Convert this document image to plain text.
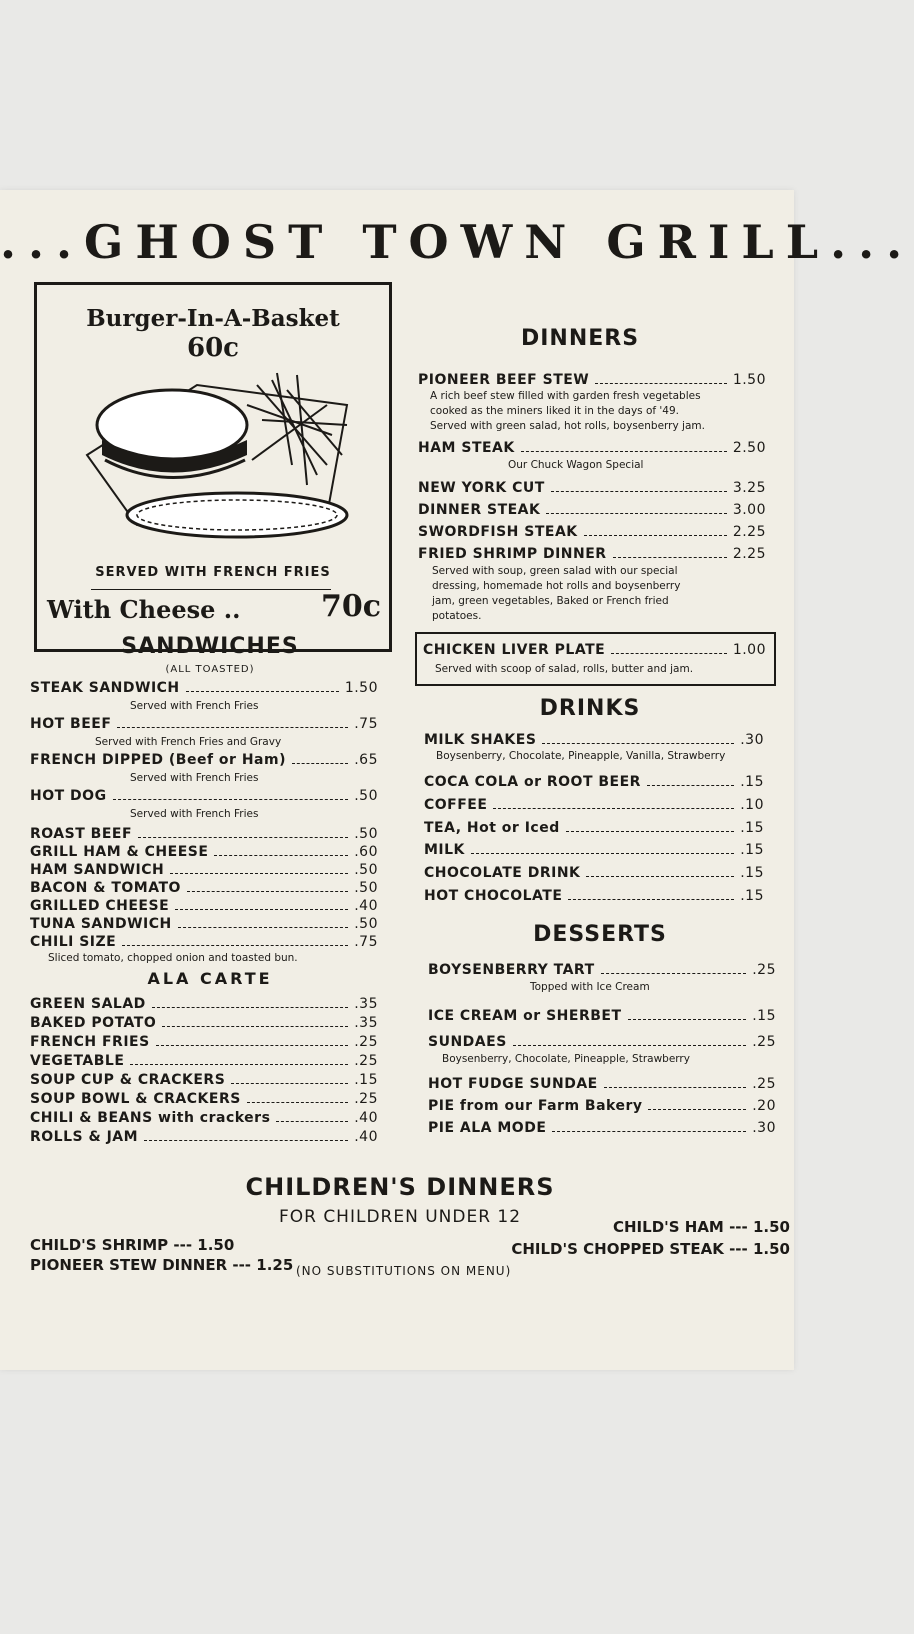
...GHOST TOWN GRILL...
Burger-In-A-Basket
60c
SERVED WITH FRENCH FRIES
With Cheese ..	70c
SANDWICHES
(ALL TOASTED)
STEAK SANDWICH	1.50
Served with French Fries
HOT BEEF	.75
Served with French Fries and Gravy
FRENCH DIPPED (Beef or Ham)	.65
Served with French Fries
HOT DOG	.50
Served with French Fries
ROAST BEEF	.50
GRILL HAM & CHEESE	.60
HAM SANDWICH	.50
BACON & TOMATO	.50
GRILLED CHEESE	.40
TUNA SANDWICH	.50
CHILI SIZE	.75
Sliced tomato, chopped onion and toasted bun.
ALA CARTE
GREEN SALAD	.35
BAKED POTATO	.35
FRENCH FRIES	.25
VEGETABLE	.25
SOUP CUP & CRACKERS	.15
SOUP BOWL & CRACKERS	.25
CHILI & BEANS with crackers	.40
ROLLS & JAM	.40
DINNERS
PIONEER BEEF STEW	1.50
A rich beef stew filled with garden fresh vegetables
cooked as the miners liked it in the days of '49.
Served with green salad, hot rolls, boysenberry jam.
HAM STEAK	2.50
Our Chuck Wagon Special
NEW YORK CUT	3.25
DINNER STEAK	3.00
SWORDFISH STEAK	2.25
FRIED SHRIMP DINNER	2.25
Served with soup, green salad with our special
dressing, homemade hot rolls and boysenberry
jam, green vegetables, Baked or French fried
potatoes.
CHICKEN LIVER PLATE	1.00
Served with scoop of salad, rolls, butter and jam.
DRINKS
MILK SHAKES	.30
Boysenberry, Chocolate, Pineapple, Vanilla, Strawberry
COCA COLA or ROOT BEER	.15
COFFEE	.10
TEA, Hot or Iced	.15
MILK	.15
CHOCOLATE DRINK	.15
HOT CHOCOLATE	.15
DESSERTS
BOYSENBERRY TART	.25
Topped with Ice Cream
ICE CREAM or SHERBET	.15
SUNDAES	.25
Boysenberry, Chocolate, Pineapple, Strawberry
HOT FUDGE SUNDAE	.25
PIE from our Farm Bakery	.20
PIE ALA MODE	.30
CHILDREN'S DINNERS
FOR CHILDREN UNDER 12
CHILD'S SHRIMP --- 1.50
PIONEER STEW DINNER --- 1.25
CHILD'S HAM --- 1.50
CHILD'S CHOPPED STEAK --- 1.50
(NO SUBSTITUTIONS ON MENU)
